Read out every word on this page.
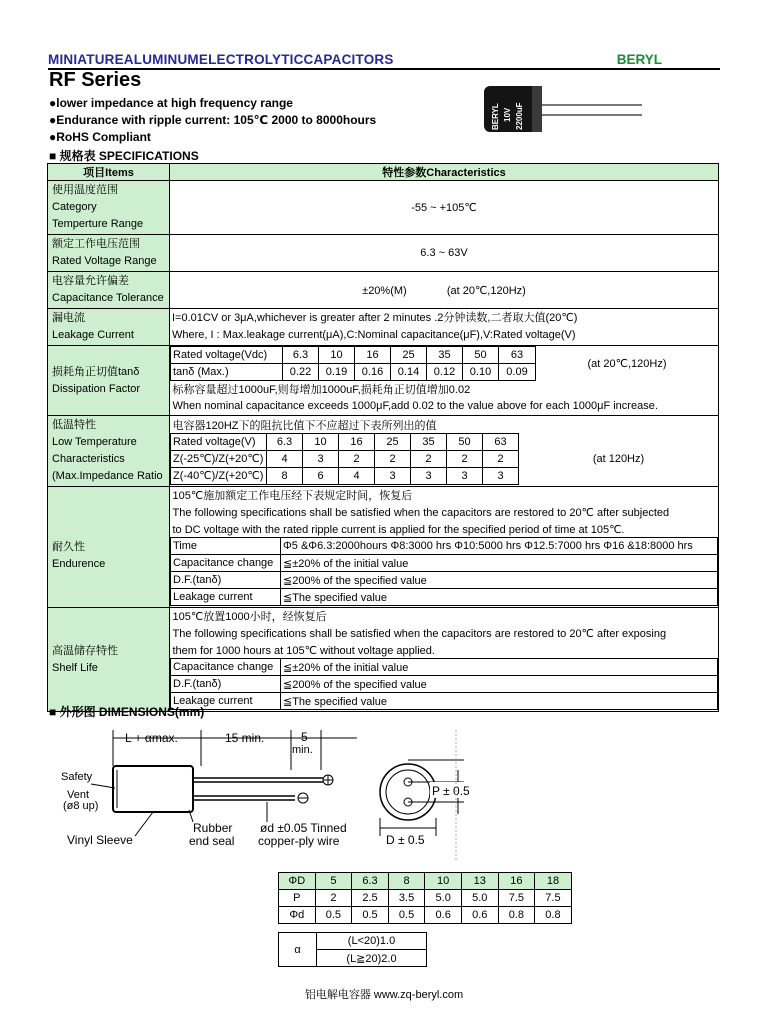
MINIATUREALUMINUMELECTROLYTICCAPACITORS	BERYL
RF Series
●lower impedance at high frequency range
●Endurance with ripple current: 105℃ 2000 to 8000hours
●RoHS Compliant
BERYL 10V 2200uF
■ 规格表 SPECIFICATIONS
项目Items	特性参数Characteristics

使用温度范围
Category
Temperture Range
	-55 ~ +105℃

额定工作电压范围
Rated Voltage Range
	6.3 ~ 63V

电容量允许偏差
Capacitance Tolerance
	±20%(M)	(at 20℃,120Hz)

漏电流
Leakage Current

I=0.01CV or 3μA,whichever is greater after 2 minutes .2分钟读数,二者取大值(20℃)
Where, I : Max.leakage current(μA),C:Nominal capacitance(μF),V:Rated voltage(V)

损耗角正切值tanδ
Dissipation Factor

Rated voltage(Vdc)	6.3	10	16	25	35	50	63	(at 20℃,120Hz)
tanδ (Max.)	0.22	0.19	0.16	0.14	0.12	0.10	0.09
标称容量超过1000uF,则每增加1000uF,损耗角正切值增加0.02
When nominal capacitance exceeds 1000μF,add 0.02 to the value above for each 1000μF increase.

低温特性
Low Temperature
Characteristics
(Max.Impedance Ratio

电容器120HZ下的阻抗比值下不应超过下表所列出的值
Rated voltage(V)	6.3	10	16	25	35	50	63	(at 120Hz)
Z(-25℃)/Z(+20℃)	4	3	2	2	2	2	2
Z(-40℃)/Z(+20℃)	8	6	4	3	3	3	3

耐久性
Endurence

105℃施加额定工作电压经下表规定时间，恢复后
The following specifications shall be satisfied when the capacitors are restored to 20℃ after subjected
to DC voltage with the rated ripple current is applied for the specified period of time at 105℃.
Time	Φ5 &Φ6.3:2000hours Φ8:3000 hrs Φ10:5000 hrs Φ12.5:7000 hrs Φ16 &18:8000 hrs
Capacitance change	≦±20% of the initial value
D.F.(tanδ)	≦200% of the specified value
Leakage current	≦The specified value

高温储存特性
Shelf Life

105℃放置1000小时，经恢复后
The following specifications shall be satisfied when the capacitors are restored to 20℃ after exposing
them for 1000 hours at 105℃ without voltage applied.
Capacitance change	≦±20% of the initial value
D.F.(tanδ)	≦200% of the specified value
Leakage current	≦The specified value
■ 外形图 DIMENSIONS(mm)
L + αmax.	15 min.	5
min.
Safety
Vent
(ø8 up)
Vinyl Sleeve
Rubber
end seal
ød ±0.05 Tinned
copper-ply wire
P ± 0.5
D ± 0.5
ΦD	5	6.3	8	10	13	16	18
P	2	2.5	3.5	5.0	5.0	7.5	7.5
Φd	0.5	0.5	0.5	0.6	0.6	0.8	0.8
α	(L<20)1.0
(L≧20)2.0
铝电解电容器 www.zq-beryl.com
